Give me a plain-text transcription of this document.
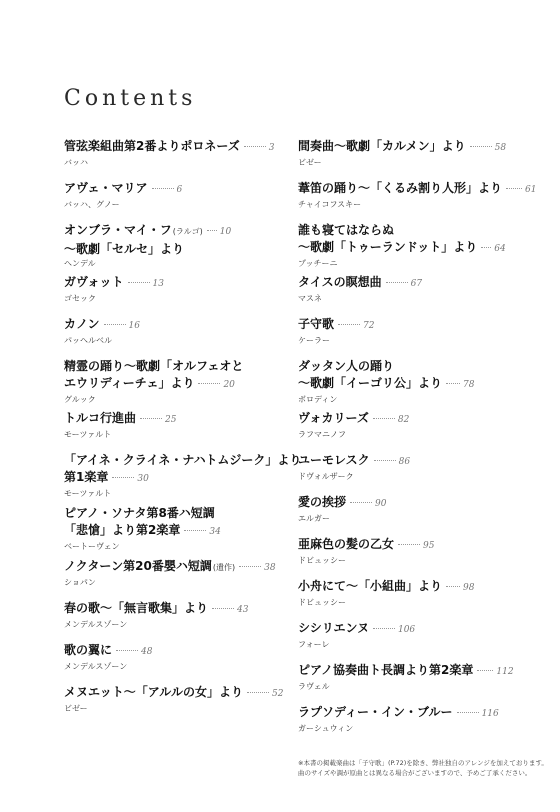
Contents
管弦楽組曲第2番よりポロネーズ	3
バッハ
アヴェ・マリア	6
バッハ、グノー
オンブラ・マイ・フ(ラルゴ) 10
～歌劇「セルセ」より
ヘンデル
ガヴォット	13
ゴセック
カノン	16
パッヘルベル
精霊の踊り～歌劇「オルフェオと
エウリディーチェ」より	20
グルック
トルコ行進曲	25
モーツァルト
「アイネ・クライネ・ナハトムジーク」より
第1楽章	30
モーツァルト
ピアノ・ソナタ第8番ハ短調
「悲愴」より第2楽章	34
ベートーヴェン
ノクターン第20番嬰ハ短調(遺作)	38
ショパン
春の歌～「無言歌集」より	43
メンデルスゾーン
歌の翼に	48
メンデルスゾーン
メヌエット～「アルルの女」より	52
ビゼー
間奏曲～歌劇「カルメン」より	58
ビゼー
葦笛の踊り～「くるみ割り人形」より	61
チャイコフスキー
誰も寝てはならぬ
～歌劇「トゥーランドット」より 64
プッチーニ
タイスの瞑想曲	67
マスネ
子守歌	72
ケーラー
ダッタン人の踊り
～歌劇「イーゴリ公」より 78
ボロディン
ヴォカリーズ	82
ラフマニノフ
ユーモレスク	86
ドヴォルザーク
愛の挨拶	90
エルガー
亜麻色の髪の乙女	95
ドビュッシー
小舟にて～「小組曲」より 98
ドビュッシー
シシリエンヌ	106
フォーレ
ピアノ協奏曲ト長調より第2楽章	112
ラヴェル
ラプソディー・イン・ブルー	116
ガーシュウィン
※本書の掲載楽曲は「子守歌」(P.72)を除き、弊社独自のアレンジを加えております。
曲のサイズや調が原曲とは異なる場合がございますので、予めご了承ください。
